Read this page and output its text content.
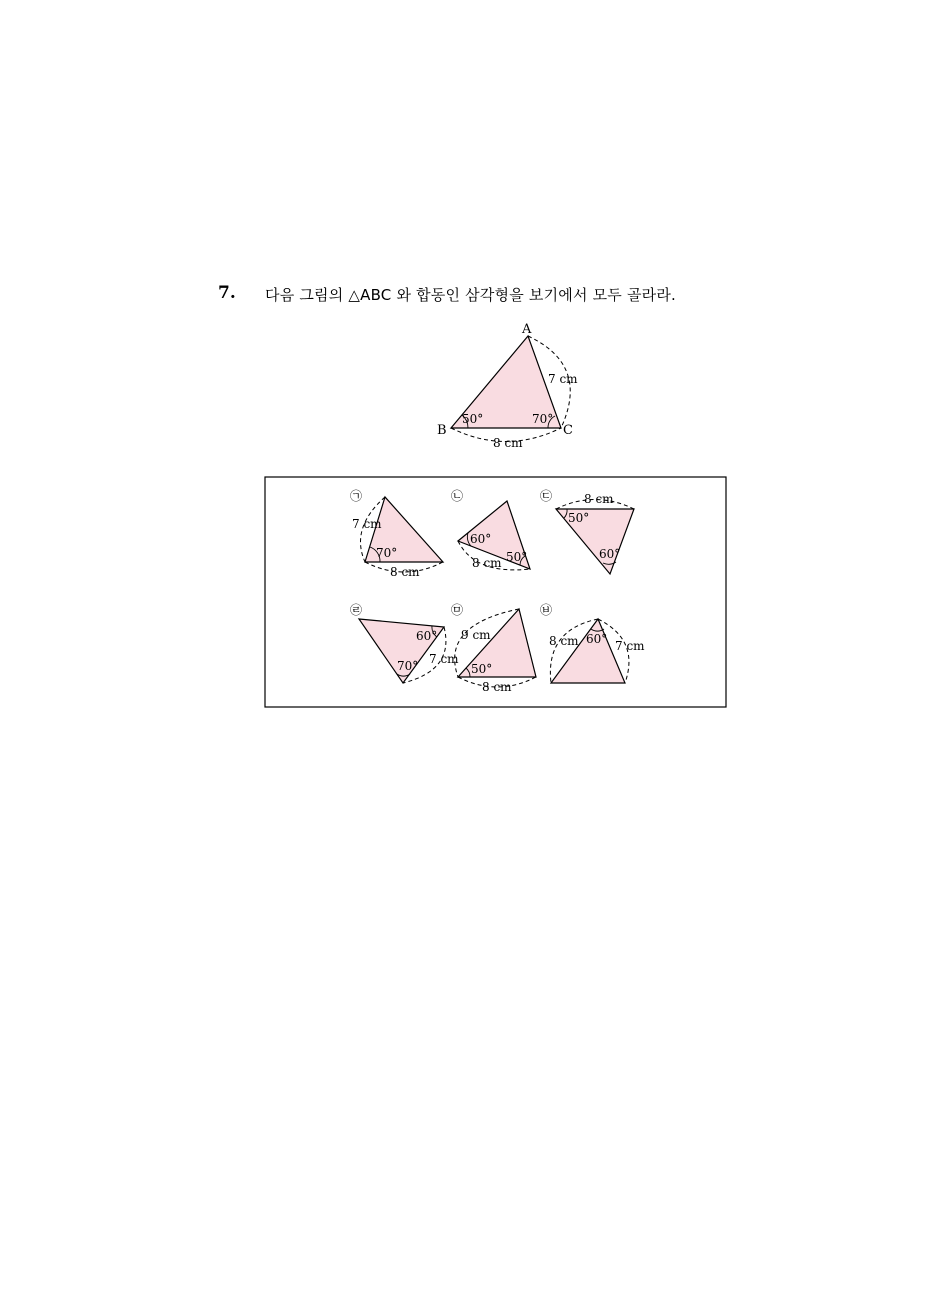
7. 다음 그림의 △ABC 와 합동인 삼각형을 보기에서 모두 골라라.
A
B	C
50°	70°
7 cm
8 cm
㉠
7 cm
70°
8 cm
㉡
60°
50°
8 cm
㉢	8 cm
50°
60°
㉣
60°
70° 7 cm
㉤
9 cm
50°
8 cm
㉥
8 cm 60° 7 cm
